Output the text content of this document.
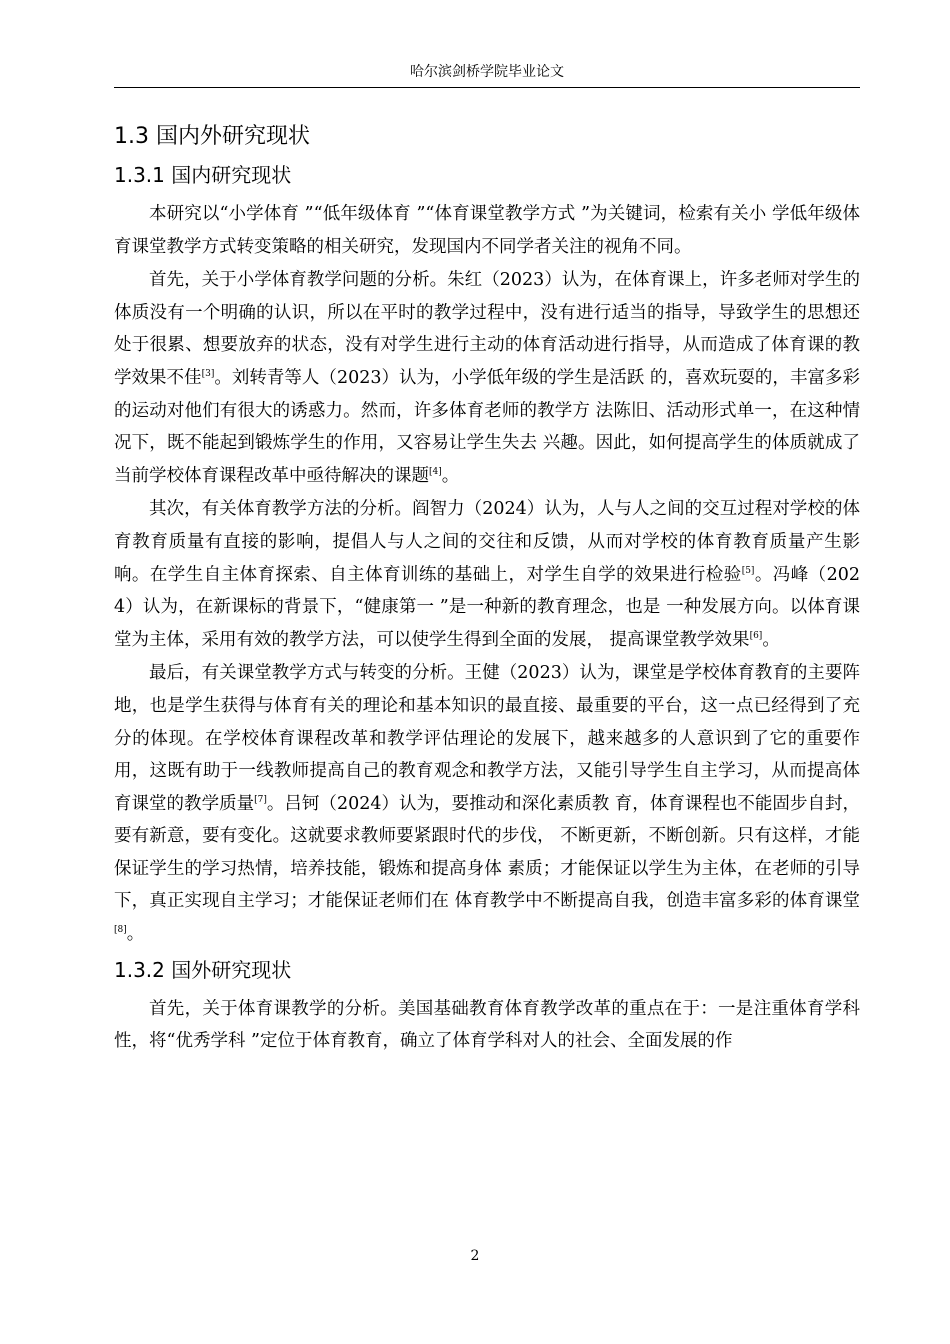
哈尔滨剑桥学院毕业论文
1.3 国内外研究现状
1.3.1 国内研究现状

本研究以“小学体育 ”“低年级体育 ”“体育课堂教学方式 ”为关键词，检索有关小 学低年级体育课堂教学方式转变策略的相关研究，发现国内不同学者关注的视角不同。

首先，关于小学体育教学问题的分析。朱红（2023）认为，在体育课上，许多老师对学生的体质没有一个明确的认识，所以在平时的教学过程中，没有进行适当的指导，导致学生的思想还处于很累、想要放弃的状态，没有对学生进行主动的体育活动进行指导，从而造成了体育课的教学效果不佳[3]。刘转青等人（2023）认为，小学低年级的学生是活跃 的，喜欢玩耍的，丰富多彩的运动对他们有很大的诱惑力。然而，许多体育老师的教学方 法陈旧、活动形式单一，在这种情况下，既不能起到锻炼学生的作用，又容易让学生失去 兴趣。因此，如何提高学生的体质就成了当前学校体育课程改革中亟待解决的课题[4]。

其次，有关体育教学方法的分析。阎智力（2024）认为，人与人之间的交互过程对学校的体育教育质量有直接的影响，提倡人与人之间的交往和反馈，从而对学校的体育教育质量产生影响。在学生自主体育探索、自主体育训练的基础上，对学生自学的效果进行检验[5]。冯峰（2024）认为，在新课标的背景下，“健康第一 ”是一种新的教育理念，也是 一种发展方向。以体育课堂为主体，采用有效的教学方法，可以使学生得到全面的发展， 提高课堂教学效果[6]。

最后，有关课堂教学方式与转变的分析。王健（2023）认为，课堂是学校体育教育的主要阵地，也是学生获得与体育有关的理论和基本知识的最直接、最重要的平台，这一点已经得到了充分的体现。在学校体育课程改革和教学评估理论的发展下，越来越多的人意识到了它的重要作用，这既有助于一线教师提高自己的教育观念和教学方法，又能引导学生自主学习，从而提高体育课堂的教学质量[7]。吕钶（2024）认为，要推动和深化素质教 育，体育课程也不能固步自封，要有新意，要有变化。这就要求教师要紧跟时代的步伐， 不断更新，不断创新。只有这样，才能保证学生的学习热情，培养技能，锻炼和提高身体 素质；才能保证以学生为主体，在老师的引导下，真正实现自主学习；才能保证老师们在 体育教学中不断提高自我，创造丰富多彩的体育课堂[8]。

1.3.2 国外研究现状

首先，关于体育课教学的分析。美国基础教育体育教学改革的重点在于：一是注重体育学科性，将“优秀学科 ”定位于体育教育，确立了体育学科对人的社会、全面发展的作

2
